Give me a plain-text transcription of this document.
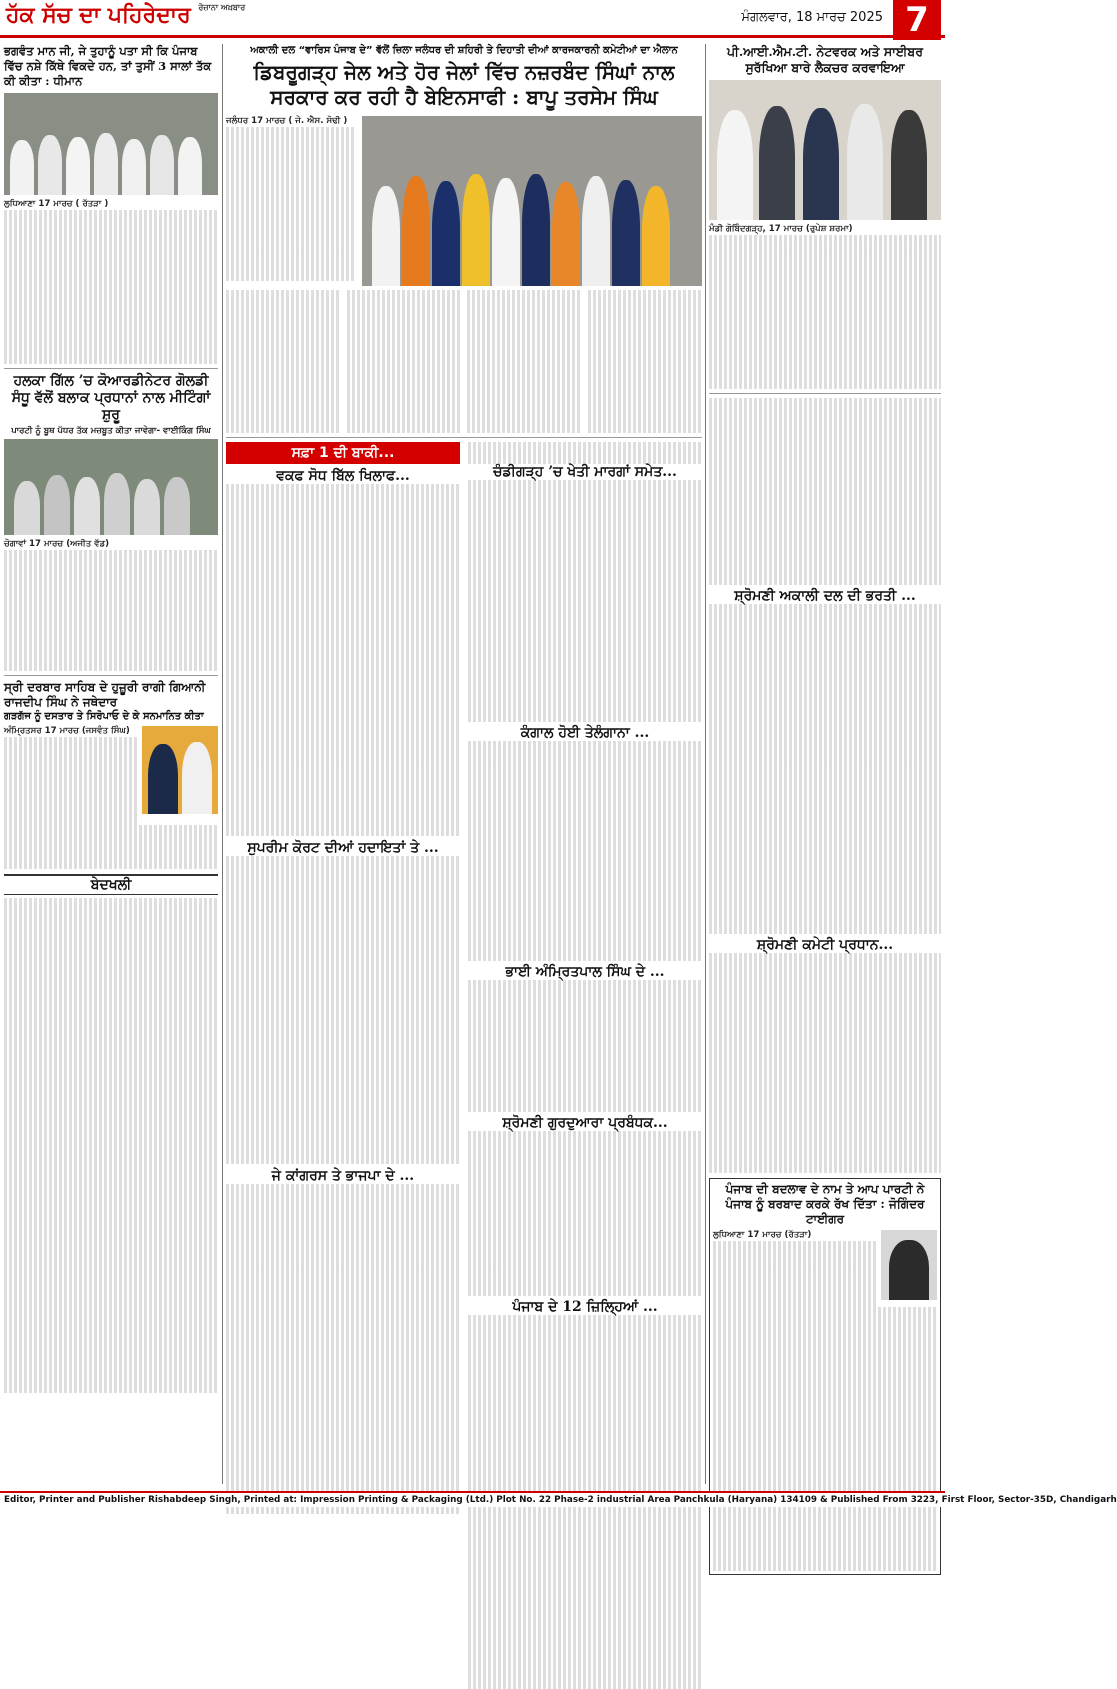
ਹੱਕ ਸੱਚ ਦਾ ਪਹਿਰੇਦਾਰ $^{ਰੋਜ਼ਾਨਾ ਅਖ਼ਬਾਰ}$
ਮੰਗਲਵਾਰ, 18 ਮਾਰਚ 2025 7
ਭਗਵੰਤ ਮਾਨ ਜੀ, ਜੇ ਤੁਹਾਨੂੰ ਪਤਾ ਸੀ ਕਿ ਪੰਜਾਬ ਵਿੱਚ ਨਸ਼ੇ ਕਿੱਥੇ ਵਿਕਦੇ ਹਨ, ਤਾਂ ਤੁਸੀਂ 3 ਸਾਲਾਂ ਤੱਕ ਕੀ ਕੀਤਾ : ਧੀਮਾਨ
ਲੁਧਿਆਣਾ 17 ਮਾਰਚ ( ਰੱਤੜਾ )
ਹਲਕਾ ਗਿੱਲ ’ਚ ਕੋਆਰਡੀਨੇਟਰ ਗੋਲਡੀ ਸੰਧੂ ਵੱਲੋਂ ਬਲਾਕ ਪ੍ਰਧਾਨਾਂ ਨਾਲ ਮੀਟਿੰਗਾਂ ਸ਼ੁਰੂ
ਪਾਰਟੀ ਨੂੰ ਬੂਥ ਪੱਧਰ ਤੱਕ ਮਜ਼ਬੂਤ ਕੀਤਾ ਜਾਵੇਗਾ- ਵਾਈਕਿੰਗ ਸਿੰਘ
ਚੋਗਾਵਾਂ 17 ਮਾਰਚ (ਅਜੀਤ ਵੱਡ)
ਸ੍ਰੀ ਦਰਬਾਰ ਸਾਹਿਬ ਦੇ ਹੁਜ਼ੂਰੀ ਰਾਗੀ ਗਿਆਨੀ ਰਾਜਦੀਪ ਸਿੰਘ ਨੇ ਜਥੇਦਾਰ
ਗੜਗੱਜ ਨੂੰ ਦਸਤਾਰ ਤੇ ਸਿਰੋਪਾਓ ਦੇ ਕੇ ਸਨਮਾਨਿਤ ਕੀਤਾ
ਅੰਮ੍ਰਿਤਸਰ 17 ਮਾਰਚ (ਜਸਵੰਤ ਸਿੰਘ)
ਬੇਦਖਲੀ
ਅਕਾਲੀ ਦਲ “ਵਾਰਿਸ ਪੰਜਾਬ ਦੇ” ਵੱਲੋਂ ਜ਼ਿਲਾ ਜਲੰਧਰ ਦੀ ਸ਼ਹਿਰੀ ਤੇ ਦਿਹਾਤੀ ਦੀਆਂ ਕਾਰਜਕਾਰਨੀ ਕਮੇਟੀਆਂ ਦਾ ਐਲਾਨ
ਡਿਬਰੂਗੜ੍ਹ ਜੇਲ ਅਤੇ ਹੋਰ ਜੇਲਾਂ ਵਿੱਚ ਨਜ਼ਰਬੰਦ ਸਿੰਘਾਂ ਨਾਲ ਸਰਕਾਰ ਕਰ ਰਹੀ ਹੈ ਬੇਇਨਸਾਫੀ : ਬਾਪੂ ਤਰਸੇਮ ਸਿੰਘ
ਜਲੰਧਰ 17 ਮਾਰਚ ( ਜੇ. ਐਸ. ਸੋਢੀ )
ਸਫ਼ਾ 1 ਦੀ ਬਾਕੀ...
ਵਕਫ ਸੋਧ ਬਿੱਲ ਖਿਲਾਫ...
ਸੁਪਰੀਮ ਕੋਰਟ ਦੀਆਂ ਹਦਾਇਤਾਂ ਤੇ ...
ਜੇ ਕਾਂਗਰਸ ਤੇ ਭਾਜਪਾ ਦੇ ...
ਚੰਡੀਗੜ੍ਹ ’ਚ ਖੇਤੀ ਮਾਰਗਾਂ ਸਮੇਤ...
ਕੰਗਾਲ ਹੋਈ ਤੇਲੰਗਾਨਾ ...
ਭਾਈ ਅੰਮ੍ਰਿਤਪਾਲ ਸਿੰਘ ਦੇ ...
ਸ਼੍ਰੋਮਣੀ ਗੁਰਦੁਆਰਾ ਪ੍ਰਬੰਧਕ...
ਪੰਜਾਬ ਦੇ 12 ਜ਼ਿਲ੍ਹਿਆਂ ...
ਪੀ.ਆਈ.ਐਮ.ਟੀ. ਨੇਟਵਰਕ ਅਤੇ ਸਾਈਬਰ ਸੁਰੱਖਿਆ ਬਾਰੇ ਲੈਕਚਰ ਕਰਵਾਇਆ
ਮੰਡੀ ਗੋਬਿੰਦਗੜ੍ਹ, 17 ਮਾਰਚ (ਰੁਪੇਸ਼ ਸ਼ਰਮਾ)
ਸ਼੍ਰੋਮਣੀ ਅਕਾਲੀ ਦਲ ਦੀ ਭਰਤੀ ...
ਸ਼੍ਰੋਮਣੀ ਕਮੇਟੀ ਪ੍ਰਧਾਨ...
ਪੰਜਾਬ ਦੀ ਬਦਲਾਵ ਦੇ ਨਾਮ ਤੇ ਆਪ ਪਾਰਟੀ ਨੇ ਪੰਜਾਬ ਨੂੰ ਬਰਬਾਦ ਕਰਕੇ ਰੱਖ ਦਿੱਤਾ : ਜੋਗਿੰਦਰ ਟਾਈਗਰ
ਲੁਧਿਆਣਾ 17 ਮਾਰਚ (ਰੱਤੜਾ)
Editor, Printer and Publisher Rishabdeep Singh, Printed at: Impression Printing & Packaging (Ltd.) Plot No. 22 Phase-2 industrial Area Panchkula (Haryana) 134109 & Published From 3223, First Floor, Sector-35D, Chandigarh
